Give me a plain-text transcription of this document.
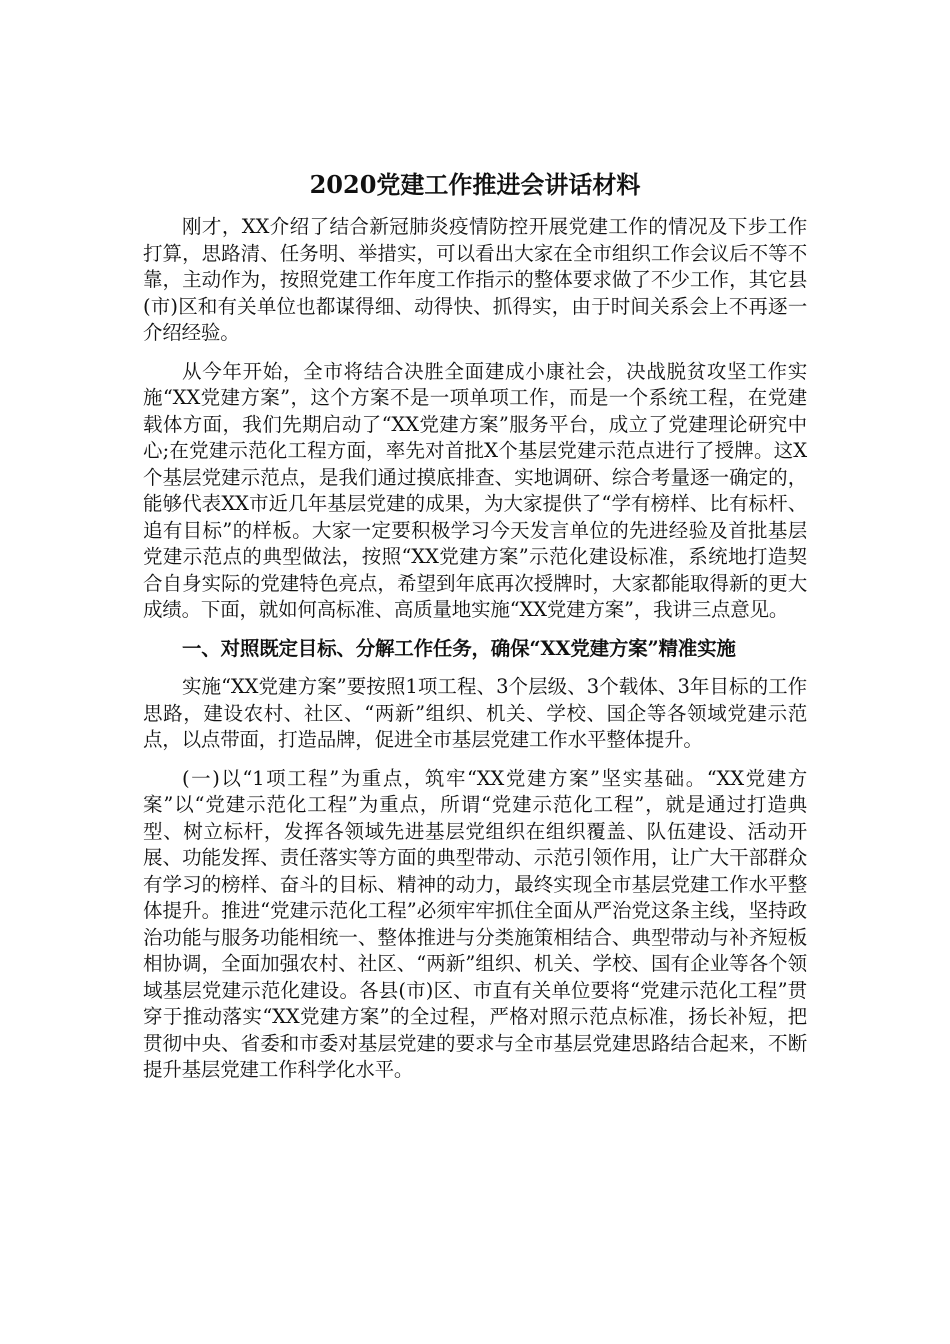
2020党建工作推进会讲话材料

刚才，XX介绍了结合新冠肺炎疫情防控开展党建工作的情况及下步工作打算，思路清、任务明、举措实，可以看出大家在全市组织工作会议后不等不靠，主动作为，按照党建工作年度工作指示的整体要求做了不少工作，其它县(市)区和有关单位也都谋得细、动得快、抓得实，由于时间关系会上不再逐一介绍经验。

从今年开始，全市将结合决胜全面建成小康社会，决战脱贫攻坚工作实施“XX党建方案”，这个方案不是一项单项工作，而是一个系统工程，在党建载体方面，我们先期启动了“XX党建方案”服务平台，成立了党建理论研究中心;在党建示范化工程方面，率先对首批X个基层党建示范点进行了授牌。这X个基层党建示范点，是我们通过摸底排查、实地调研、综合考量逐一确定的，能够代表XX市近几年基层党建的成果，为大家提供了“学有榜样、比有标杆、追有目标”的样板。大家一定要积极学习今天发言单位的先进经验及首批基层党建示范点的典型做法，按照“XX党建方案”示范化建设标准，系统地打造契合自身实际的党建特色亮点，希望到年底再次授牌时，大家都能取得新的更大成绩。下面，就如何高标准、高质量地实施“XX党建方案”，我讲三点意见。

一、对照既定目标、分解工作任务，确保“XX党建方案”精准实施

实施“XX党建方案”要按照1项工程、3个层级、3个载体、3年目标的工作思路，建设农村、社区、“两新”组织、机关、学校、国企等各领域党建示范点，以点带面，打造品牌，促进全市基层党建工作水平整体提升。

(一)以“1项工程”为重点，筑牢“XX党建方案”坚实基础。“XX党建方案”以“党建示范化工程”为重点，所谓“党建示范化工程”，就是通过打造典型、树立标杆，发挥各领域先进基层党组织在组织覆盖、队伍建设、活动开展、功能发挥、责任落实等方面的典型带动、示范引领作用，让广大干部群众有学习的榜样、奋斗的目标、精神的动力，最终实现全市基层党建工作水平整体提升。推进“党建示范化工程”必须牢牢抓住全面从严治党这条主线，坚持政治功能与服务功能相统一、整体推进与分类施策相结合、典型带动与补齐短板相协调，全面加强农村、社区、“两新”组织、机关、学校、国有企业等各个领域基层党建示范化建设。各县(市)区、市直有关单位要将“党建示范化工程”贯穿于推动落实“XX党建方案”的全过程，严格对照示范点标准，扬长补短，把贯彻中央、省委和市委对基层党建的要求与全市基层党建思路结合起来，不断提升基层党建工作科学化水平。
